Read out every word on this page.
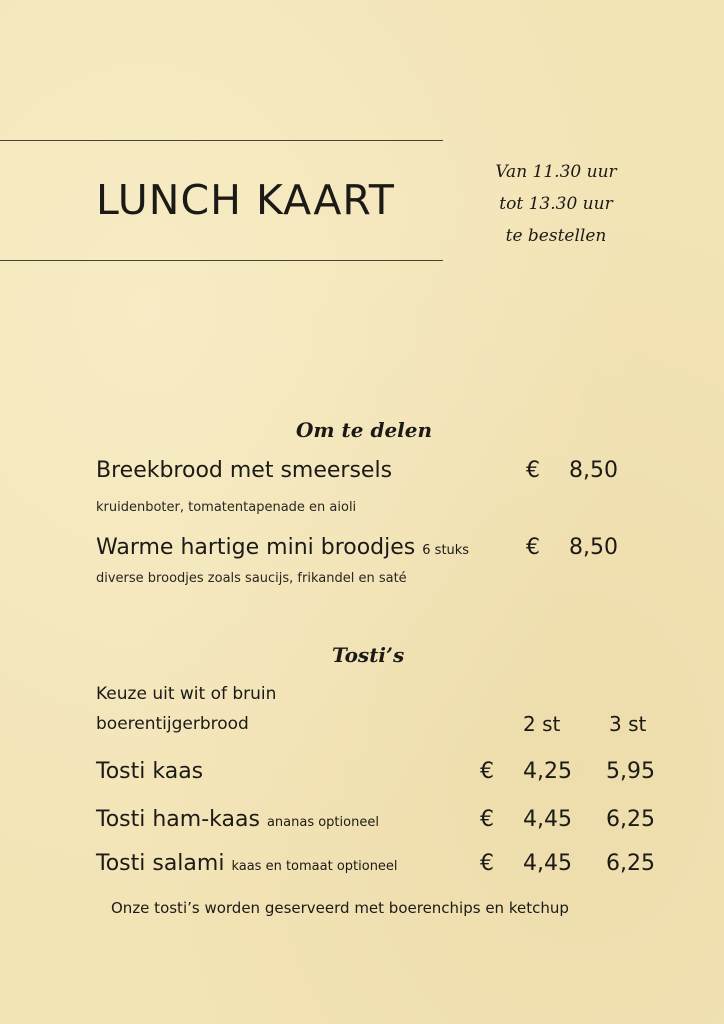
LUNCH KAART
Van 11.30 uur
tot 13.30 uur
te bestellen
Om te delen
Breekbrood met smeersels	€ 8,50
kruidenboter, tomatentapenade en aioli
Warme hartige mini broodjes 6 stuks	€ 8,50
diverse broodjes zoals saucijs, frikandel en saté
Tosti’s
Keuze uit wit of bruin
boerentijgerbrood	2 st 3 st
Tosti kaas	€ 4,25 5,95
Tosti ham-kaas ananas optioneel	€ 4,45 6,25
Tosti salami kaas en tomaat optioneel	€ 4,45 6,25
Onze tosti’s worden geserveerd met boerenchips en ketchup
